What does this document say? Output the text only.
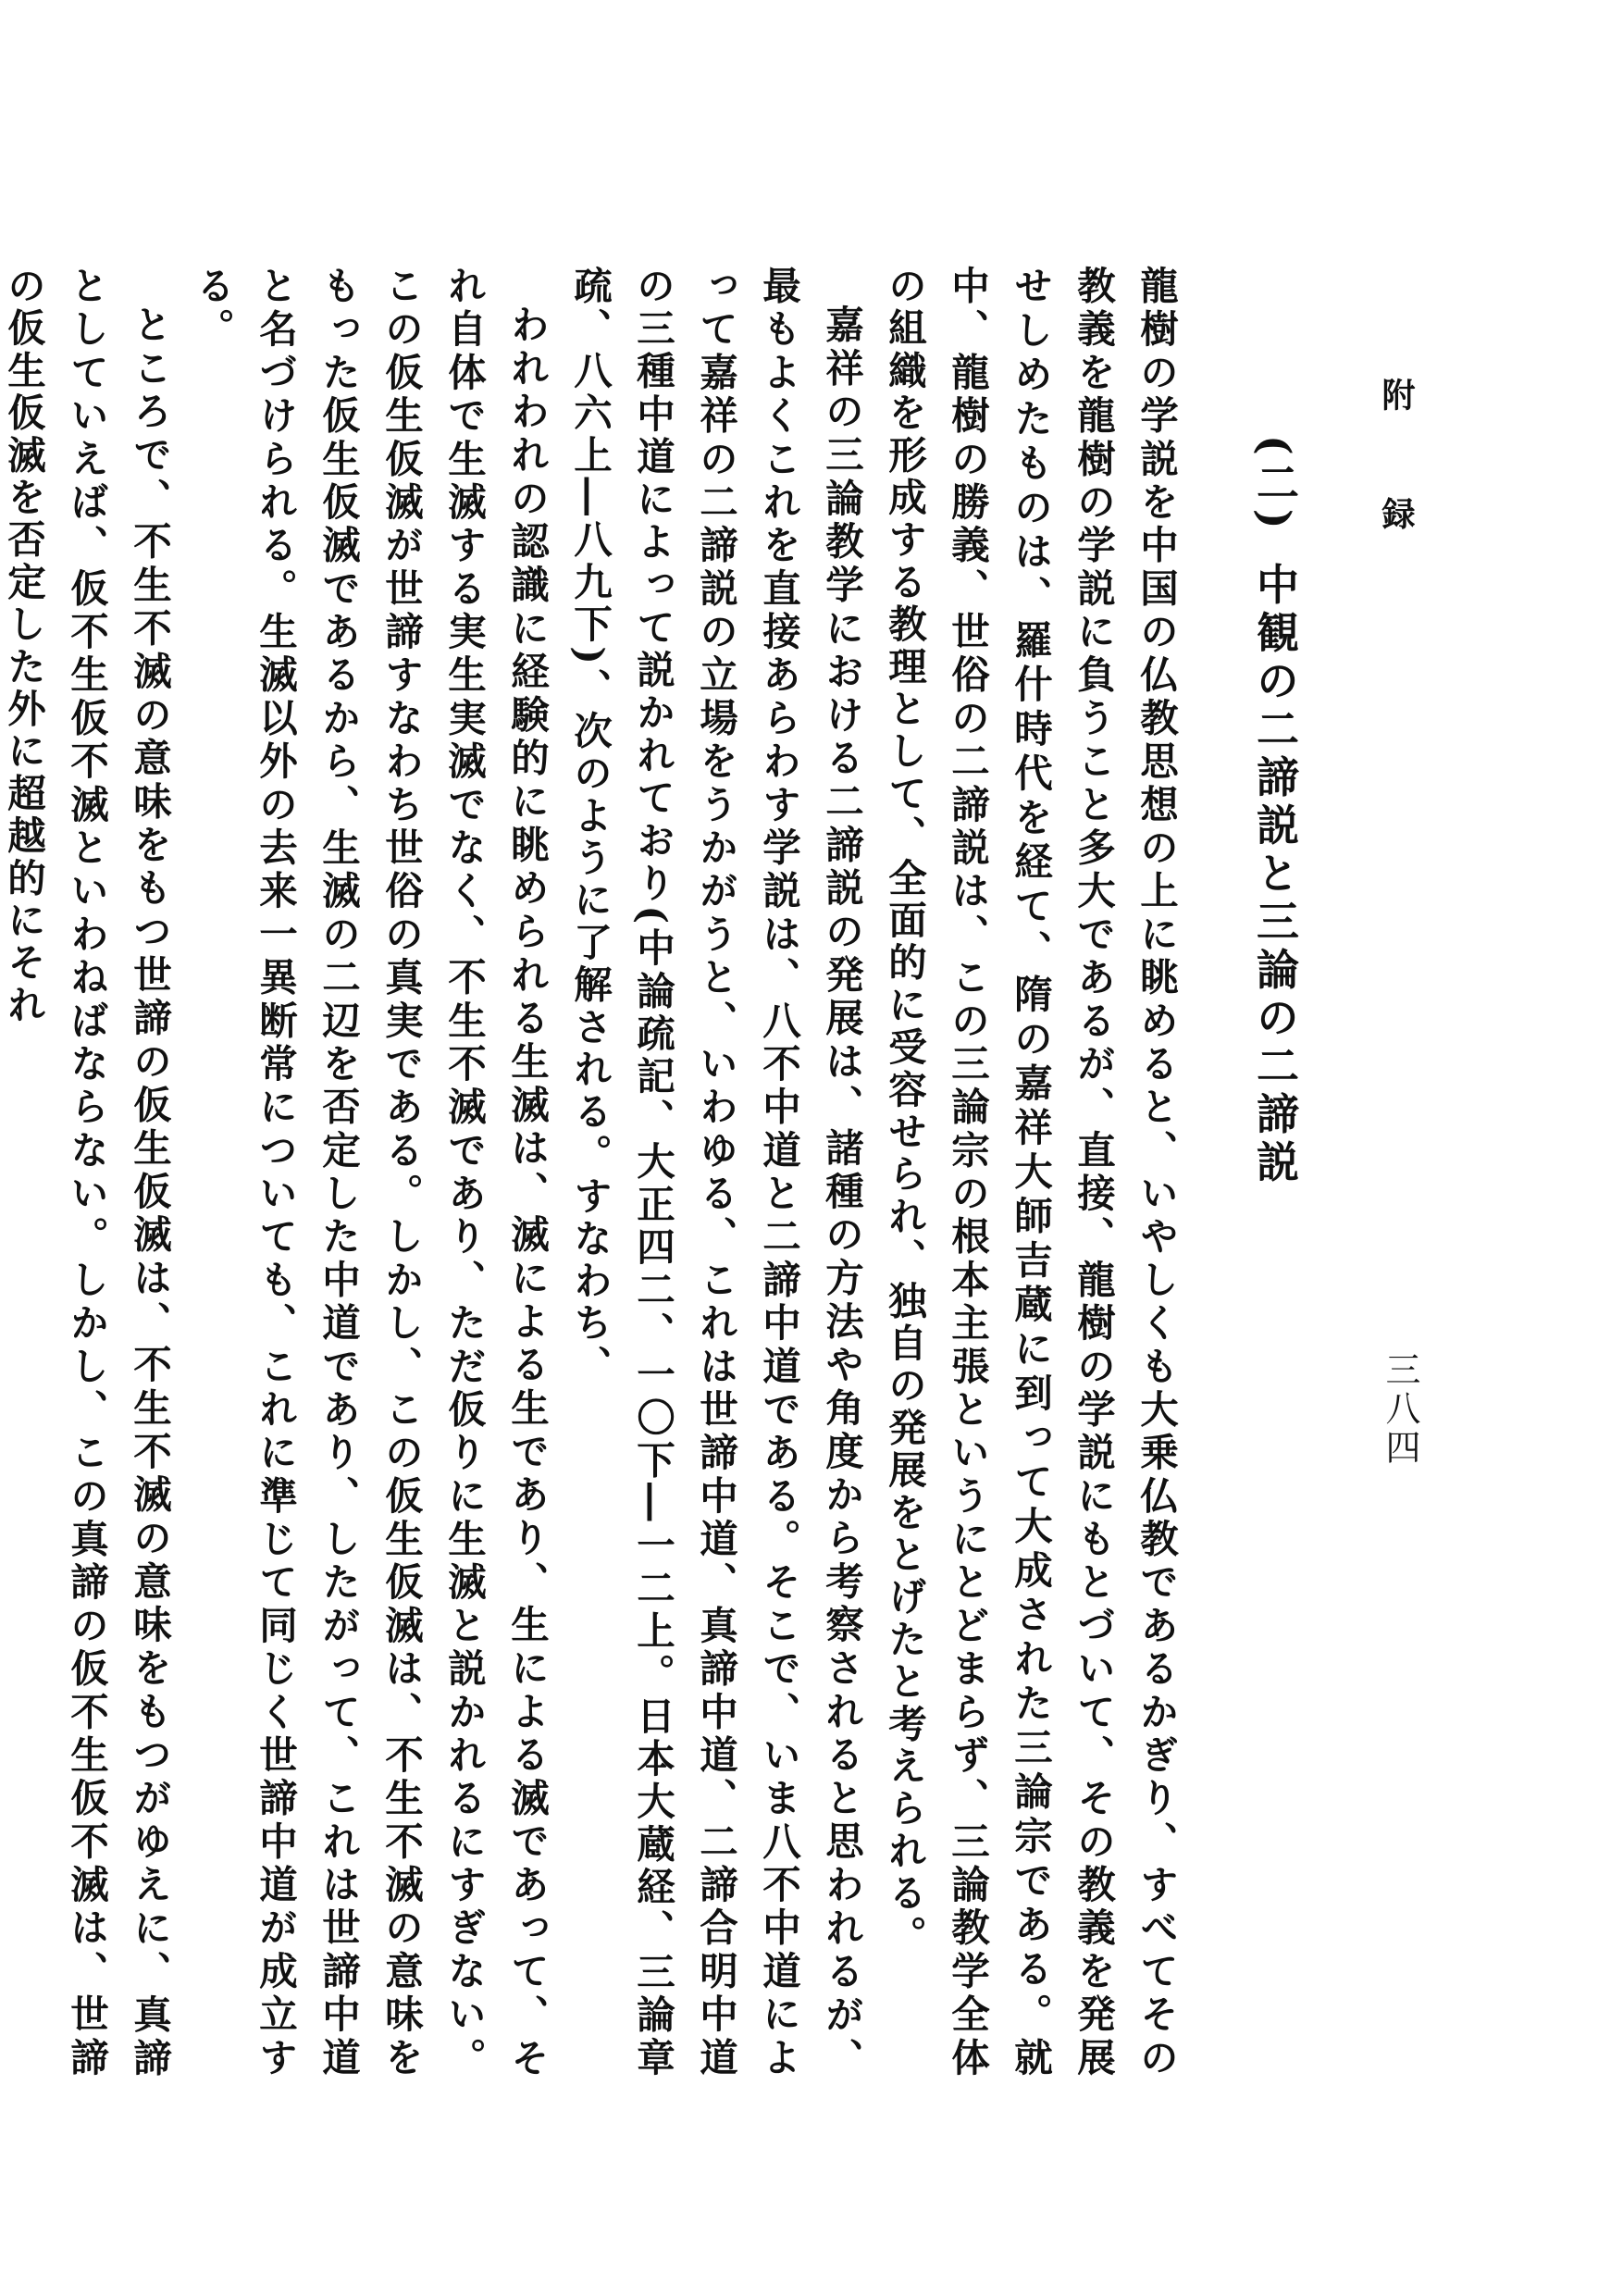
附 録
三八四
(二)中観の二諦説と三論の二諦説

龍樹の学説を中国の仏教思想の上に眺めると、いやしくも大乗仏教であるかぎり、すべてその教義を龍樹の学説に負うこと多大であるが、直接、龍樹の学説にもとづいて、その教義を発展せしめたものは、羅什時代を経て、隋の嘉祥大師吉蔵に到って大成された三論宗である。就中、龍樹の勝義、世俗の二諦説は、この三論宗の根本主張というにとどまらず、三論教学全体の組織を形成する教理として、全面的に受容せられ、独自の発展をとげたと考えられる。

嘉祥の三論教学における二諦説の発展は、諸種の方法や角度から考察されると思われるが、最もよくこれを直接あらわす学説は、八不中道と二諦中道である。そこで、いま八不中道によって嘉祥の二諦説の立場をうかがうと、いわゆる、これは世諦中道、真諦中道、二諦合明中道の三種中道によって説かれており(中論疏記、大正四二、一〇下―一二上。日本大蔵経、三論章疏、八六上―八九下)、次のように了解される。すなわち、

われわれの認識に経験的に眺められる生滅は、滅による生であり、生による滅であって、それ自体で生滅する実生実滅でなく、不生不滅であり、ただ仮りに生滅と説かれるにすぎない。この仮生仮滅が世諦すなわち世俗の真実である。しかし、この仮生仮滅は、不生不滅の意味をもった仮生仮滅であるから、生滅の二辺を否定した中道であり、したがって、これは世諦中道と名づけられる。生滅以外の去来一異断常についても、これに準じて同じく世諦中道が成立する。

ところで、不生不滅の意味をもつ世諦の仮生仮滅は、不生不滅の意味をもつがゆえに、真諦としていえば、仮不生仮不滅といわねばならない。しかし、この真諦の仮不生仮不滅は、世諦の仮生仮滅を否定した外に超越的にそれ
